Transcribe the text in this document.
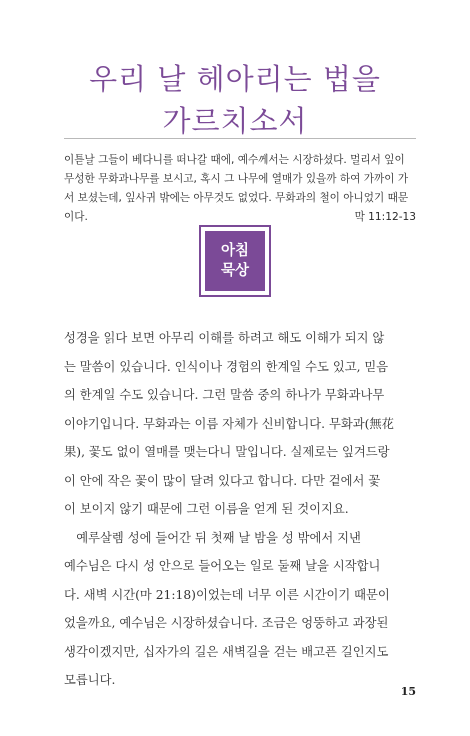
우리 날 헤아리는 법을
가르치소서
이튿날 그들이 베다니를 떠나갈 때에, 예수께서는 시장하셨다. 멀리서 잎이
무성한 무화과나무를 보시고, 혹시 그 나무에 열매가 있을까 하여 가까이 가
서 보셨는데, 잎사귀 밖에는 아무것도 없었다. 무화과의 철이 아니었기 때문
이다.	막 11:12-13
아침
묵상
성경을 읽다 보면 아무리 이해를 하려고 해도 이해가 되지 않
는 말씀이 있습니다. 인식이나 경험의 한계일 수도 있고, 믿음
의 한계일 수도 있습니다. 그런 말씀 중의 하나가 무화과나무
이야기입니다. 무화과는 이름 자체가 신비합니다. 무화과(無花
果), 꽃도 없이 열매를 맺는다니 말입니다. 실제로는 잎겨드랑
이 안에 작은 꽃이 많이 달려 있다고 합니다. 다만 겉에서 꽃
이 보이지 않기 때문에 그런 이름을 얻게 된 것이지요.
　예루살렘 성에 들어간 뒤 첫째 날 밤을 성 밖에서 지낸
예수님은 다시 성 안으로 들어오는 일로 둘째 날을 시작합니
다. 새벽 시간(마 21:18)이었는데 너무 이른 시간이기 때문이
었을까요, 예수님은 시장하셨습니다. 조금은 엉뚱하고 과장된
생각이겠지만, 십자가의 길은 새벽길을 걷는 배고픈 길인지도
모릅니다.
15
